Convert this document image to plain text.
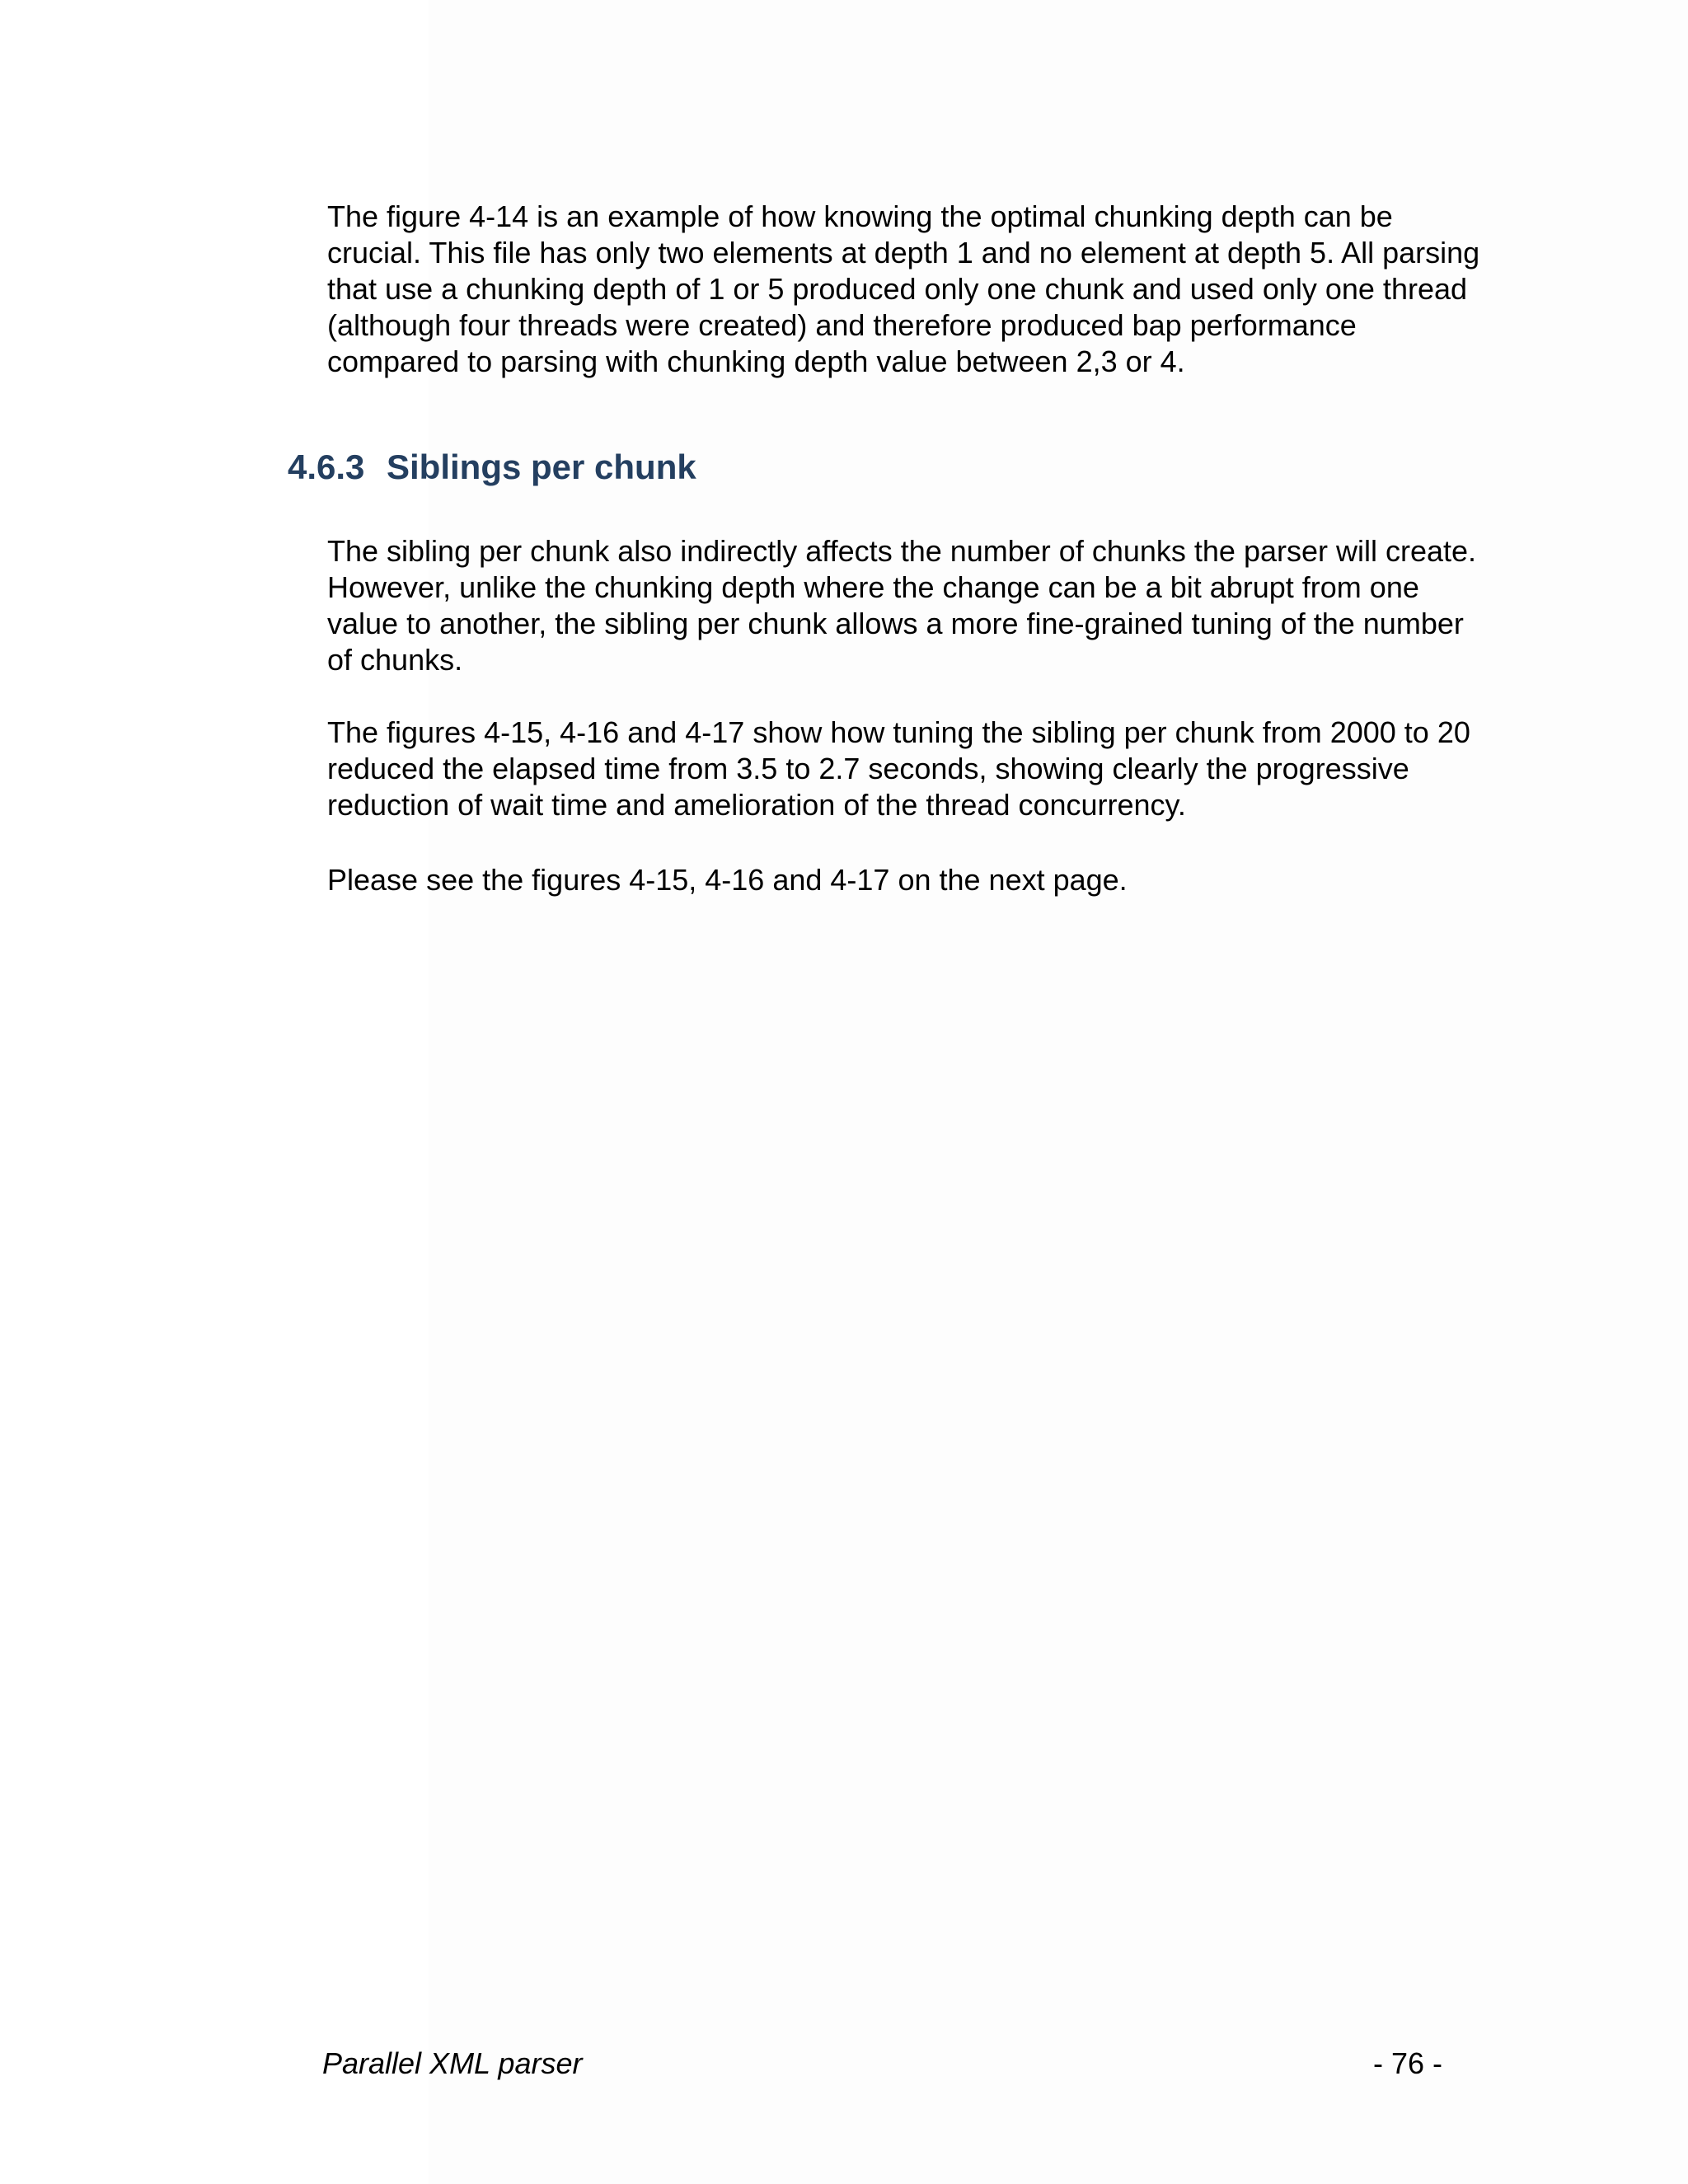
The figure 4-14 is an example of how knowing the optimal chunking depth can be
crucial. This file has only two elements at depth 1 and no element at depth 5. All parsing
that use a chunking depth of 1 or 5 produced only one chunk and used only one thread
(although four threads were created) and therefore produced bap performance
compared to parsing with chunking depth value between 2,3 or 4.

4.6.3 Siblings per chunk

The sibling per chunk also indirectly affects the number of chunks the parser will create.
However, unlike the chunking depth where the change can be a bit abrupt from one
value to another, the sibling per chunk allows a more fine-grained tuning of the number
of chunks.

The figures 4-15, 4-16 and 4-17 show how tuning the sibling per chunk from 2000 to 20
reduced the elapsed time from 3.5 to 2.7 seconds, showing clearly the progressive
reduction of wait time and amelioration of the thread concurrency.

Please see the figures 4-15, 4-16 and 4-17 on the next page.

Parallel XML parser	- 76 -
